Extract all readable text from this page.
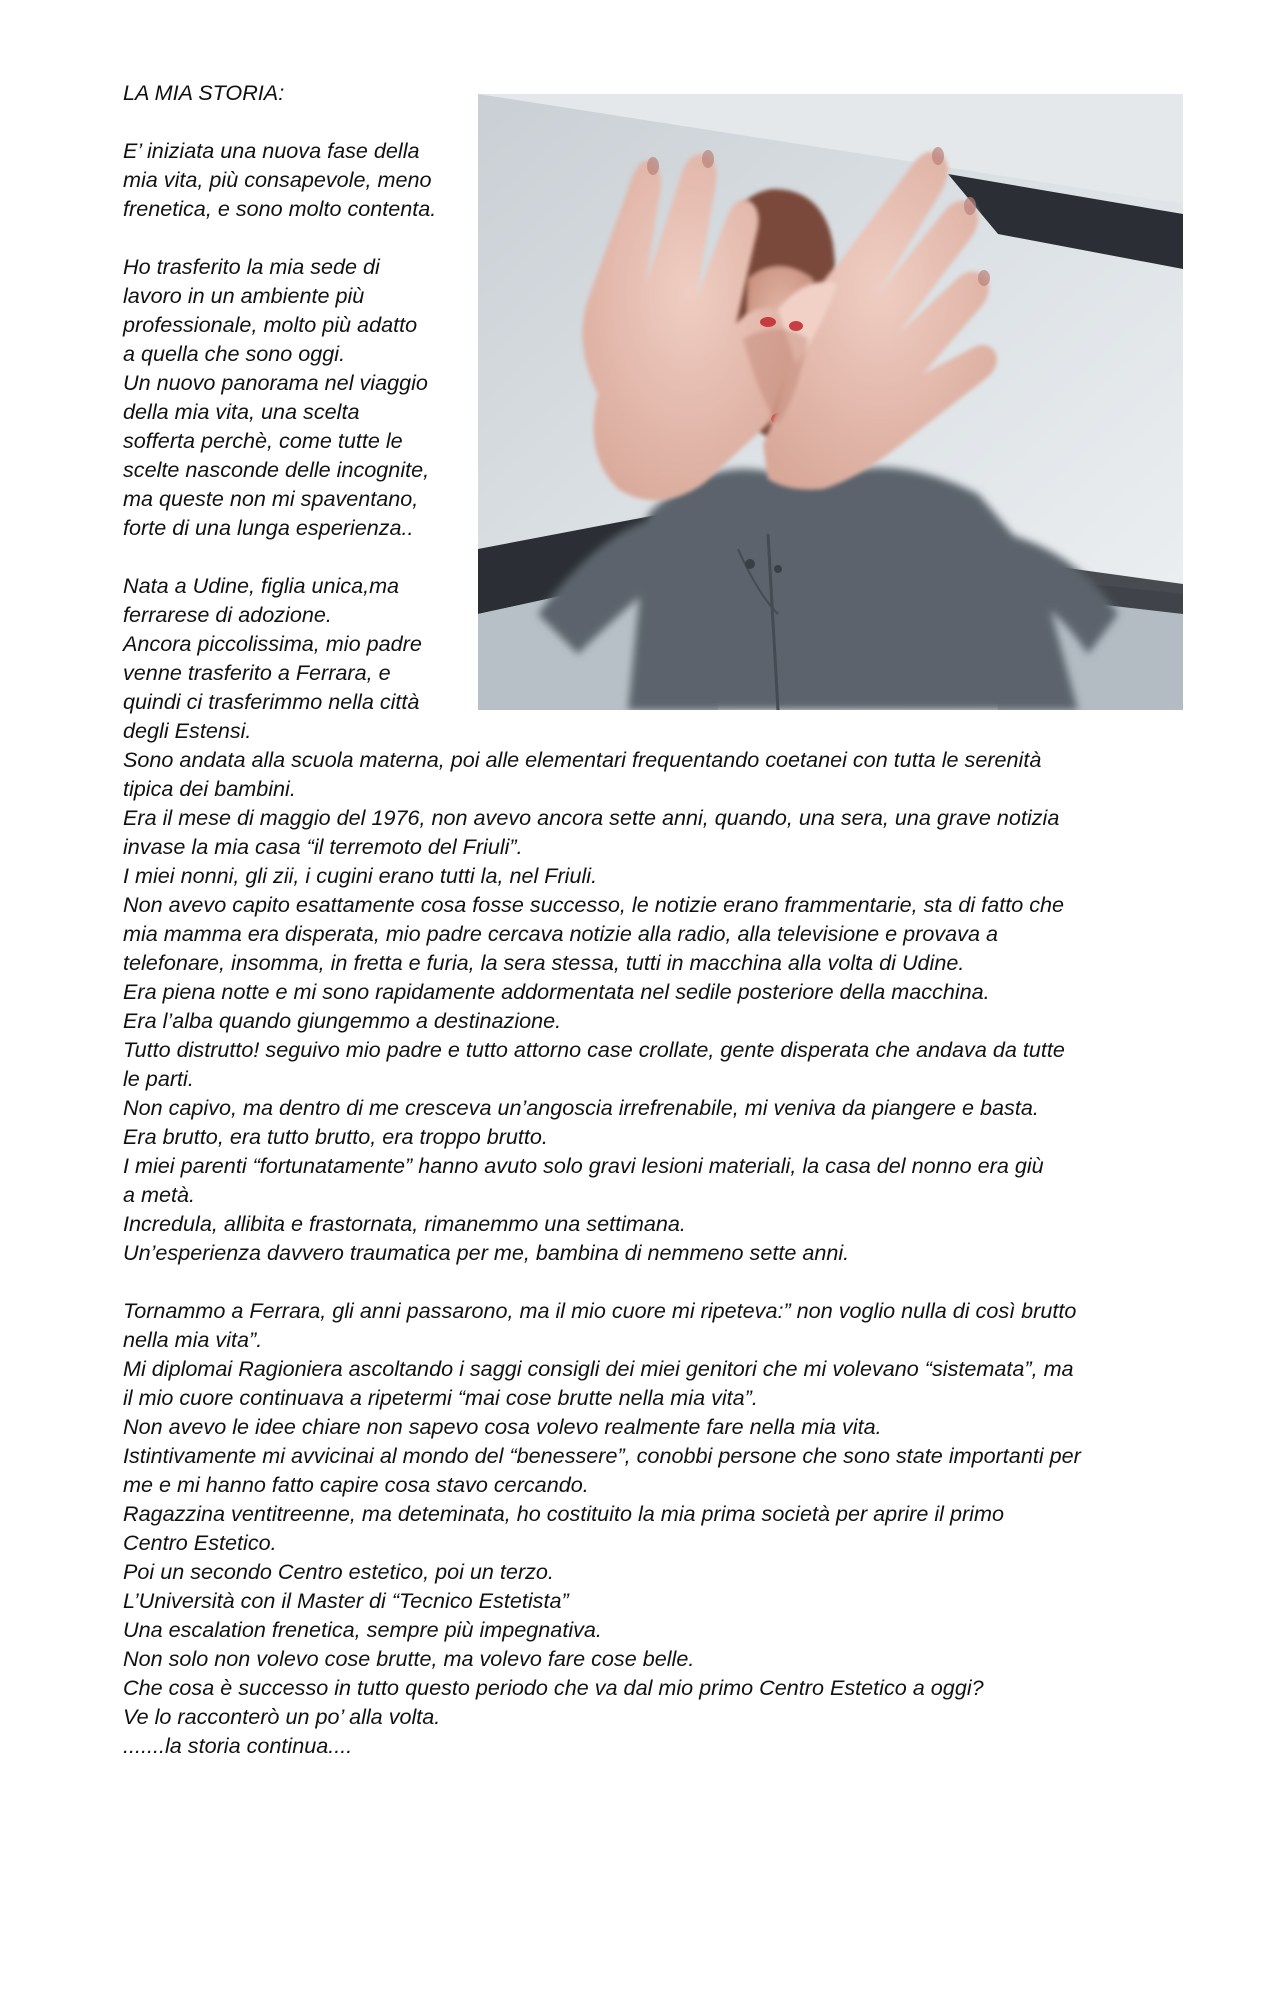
LA MIA STORIA:
E’ iniziata una nuova fase della
mia vita, più consapevole, meno
frenetica, e sono molto contenta.
Ho trasferito la mia sede di
lavoro in un ambiente più
professionale, molto più adatto
a quella che sono oggi.
Un nuovo panorama nel viaggio
della mia vita, una scelta
sofferta perchè, come tutte le
scelte nasconde delle incognite,
ma queste non mi spaventano,
forte di una lunga esperienza..
Nata a Udine, figlia unica,ma
ferrarese di adozione.
Ancora piccolissima, mio padre
venne trasferito a Ferrara, e
quindi ci trasferimmo nella città
degli Estensi.
Sono andata alla scuola materna, poi alle elementari frequentando coetanei con tutta le serenità
tipica dei bambini.
Era il mese di maggio del 1976, non avevo ancora sette anni, quando, una sera, una grave notizia
invase la mia casa “il terremoto del Friuli”.
I miei nonni, gli zii, i cugini erano tutti la, nel Friuli.
Non avevo capito esattamente cosa fosse successo, le notizie erano frammentarie, sta di fatto che
mia mamma era disperata, mio padre cercava notizie alla radio, alla televisione e provava a
telefonare, insomma, in fretta e furia, la sera stessa, tutti in macchina alla volta di Udine.
Era piena notte e mi sono rapidamente addormentata nel sedile posteriore della macchina.
Era l’alba quando giungemmo a destinazione.
Tutto distrutto! seguivo mio padre e tutto attorno case crollate, gente disperata che andava da tutte
le parti.
Non capivo, ma dentro di me cresceva un’angoscia irrefrenabile, mi veniva da piangere e basta.
Era brutto, era tutto brutto, era troppo brutto.
I miei parenti “fortunatamente” hanno avuto solo gravi lesioni materiali, la casa del nonno era giù
a metà.
Incredula, allibita e frastornata, rimanemmo una settimana.
Un’esperienza davvero traumatica per me, bambina di nemmeno sette anni.
Tornammo a Ferrara, gli anni passarono, ma il mio cuore mi ripeteva:” non voglio nulla di così brutto
nella mia vita”.
Mi diplomai Ragioniera ascoltando i saggi consigli dei miei genitori che mi volevano “sistemata”, ma
il mio cuore continuava a ripetermi “mai cose brutte nella mia vita”.
Non avevo le idee chiare non sapevo cosa volevo realmente fare nella mia vita.
Istintivamente mi avvicinai al mondo del “benessere”, conobbi persone che sono state importanti per
me e mi hanno fatto capire cosa stavo cercando.
Ragazzina ventitreenne, ma deteminata, ho costituito la mia prima società per aprire il primo
Centro Estetico.
Poi un secondo Centro estetico, poi un terzo.
L’Università con il Master di “Tecnico Estetista”
Una escalation frenetica, sempre più impegnativa.
Non solo non volevo cose brutte, ma volevo fare cose belle.
Che cosa è successo in tutto questo periodo che va dal mio primo Centro Estetico a oggi?
Ve lo racconterò un po’ alla volta.
.......la storia continua....
